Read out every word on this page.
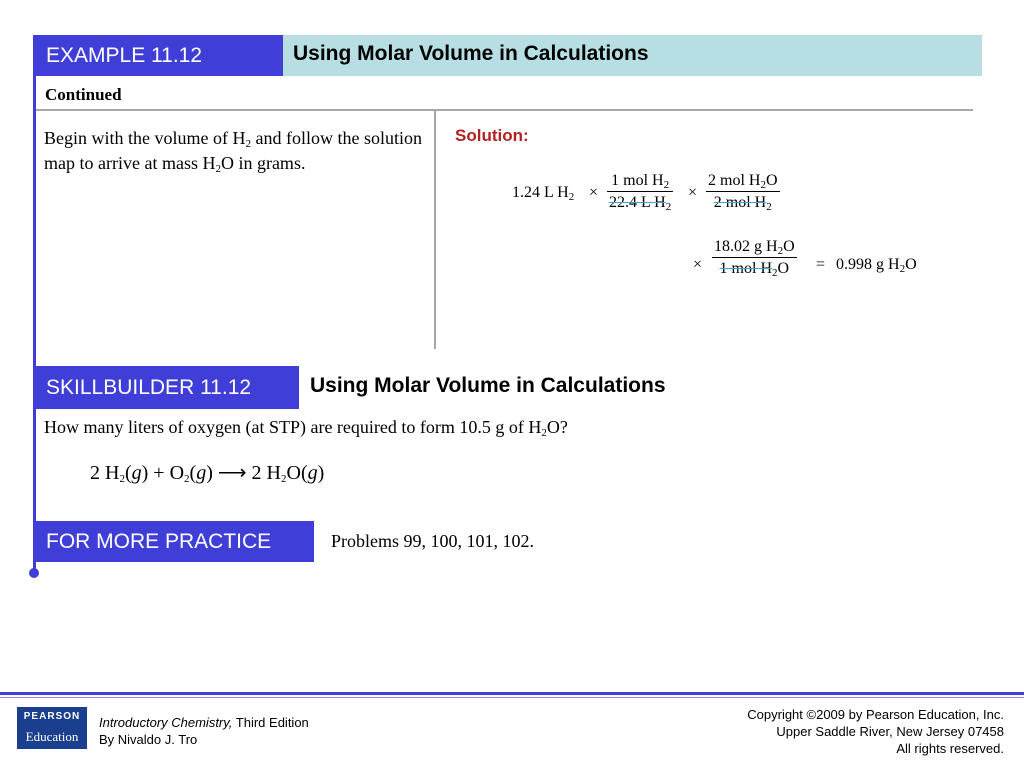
EXAMPLE 11.12	Using Molar Volume in Calculations
Continued
Begin with the volume of $H_2$ and follow the solution map to arrive at mass $H_2O$ in grams.
Solution:
1.24 L $H_2$ ×
1 mol $H_2$
22.4 L $H_2$
×
2 mol $H_2O$
2 mol $H_2$
×
18.02 g $H_2O$
1 mol $H_2O$	= 0.998 g $H_2O$
SKILLBUILDER 11.12	Using Molar Volume in Calculations
How many liters of oxygen (at STP) are required to form 10.5 g of $H_2O$?
2 $H_2(g) + O_2(g)$ ⟶ 2 $H_2O(g)$
FOR MORE PRACTICE	Problems 99, 100, 101, 102.
PEARSON
Education
Introductory Chemistry, Third Edition
By Nivaldo J. Tro
Copyright ©2009 by Pearson Education, Inc.
Upper Saddle River, New Jersey 07458
All rights reserved.
